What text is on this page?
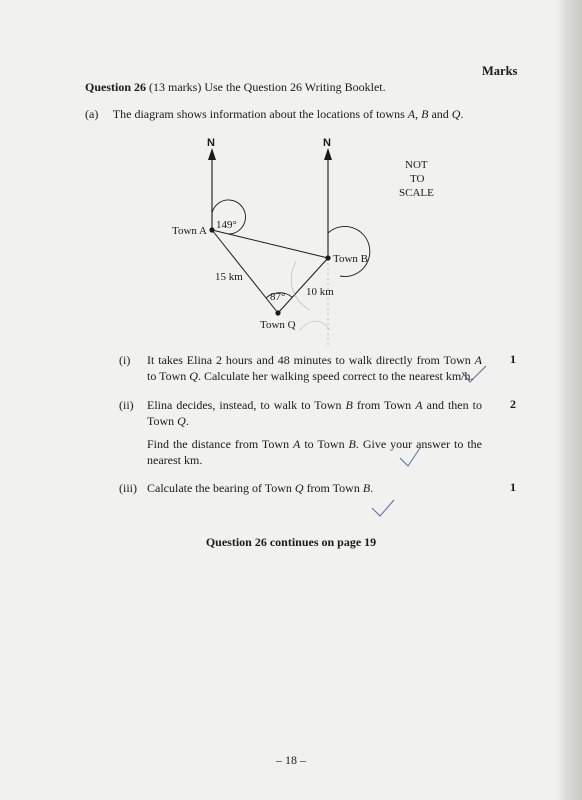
Marks
Question 26 (13 marks) Use the Question 26 Writing Booklet.
(a) The diagram shows information about the locations of towns A, B and Q.
N	N
NOT
TO
SCALE
Town A
Town B
Town Q
149°
87°
15 km
10 km
(i)	It takes Elina 2 hours and 48 minutes to walk directly from Town A to Town Q. Calculate her walking speed correct to the nearest km/h.

1
(ii)	Elina decides, instead, to walk to Town B from Town A and then to Town Q.

Find the distance from Town A to Town B. Give your answer to the nearest km.

2
(iii) Calculate the bearing of Town Q from Town B.	1
Question 26 continues on page 19
– 18 –
